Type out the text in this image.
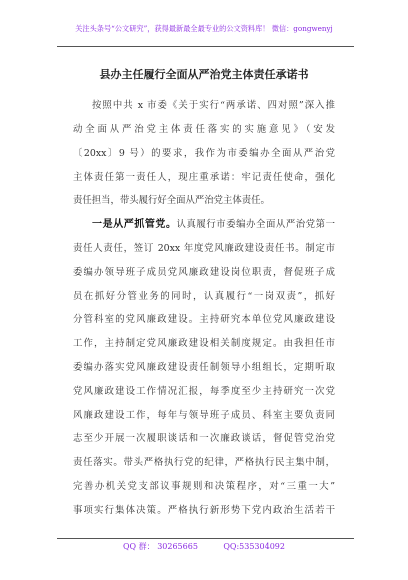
关注头条号“公文研究”，获得最新最全最专业的公文资料库！ 微信：gongwenyj
县办主任履行全面从严治党主体责任承诺书
按照中共 x 市委《关于实行“两承诺、四对照”深入推
动全面从严治党主体责任落实的实施意见》（安发
〔20xx〕9 号）的要求，我作为市委编办全面从严治党
主体责任第一责任人，现庄重承诺：牢记责任使命，强化
责任担当，带头履行好全面从严治党主体责任。
一是从严抓管党。认真履行市委编办全面从严治党第一
责任人责任，签订 20xx 年度党风廉政建设责任书。制定市
委编办领导班子成员党风廉政建设岗位职责，督促班子成
员在抓好分管业务的同时，认真履行“一岗双责”，抓好
分管科室的党风廉政建设。主持研究本单位党风廉政建设
工作，主持制定党风廉政建设相关制度规定。由我担任市
委编办落实党风廉政建设责任制领导小组组长，定期听取
党风廉政建设工作情况汇报，每季度至少主持研究一次党
风廉政建设工作，每年与领导班子成员、科室主要负责同
志至少开展一次履职谈话和一次廉政谈话，督促管党治党
责任落实。带头严格执行党的纪律，严格执行民主集中制，
完善办机关党支部议事规则和决策程序，对“三重一大”
事项实行集体决策。严格执行新形势下党内政治生活若干
QQ 群： 30265665          QQ:535304092
